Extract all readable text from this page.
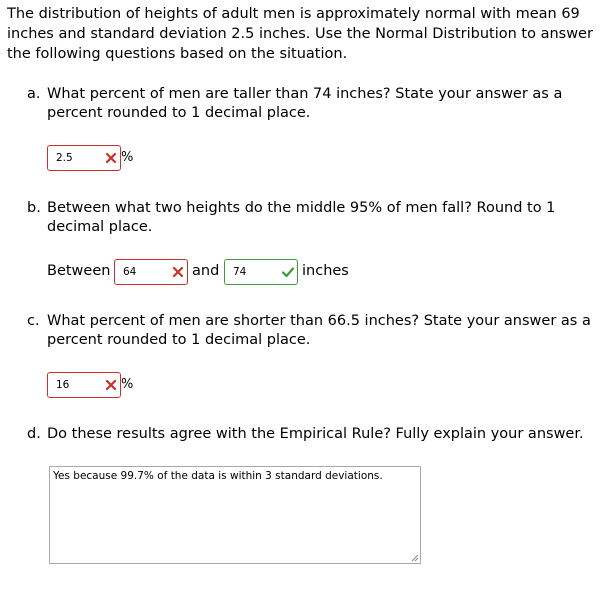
The distribution of heights of adult men is approximately normal with mean 69 inches and standard deviation 2.5 inches. Use the Normal Distribution to answer the following questions based on the situation.
a. What percent of men are taller than 74 inches? State your answer as a percent rounded to 1 decimal place.
2.5	%
b. Between what two heights do the middle 95% of men fall? Round to 1 decimal place.
Between 64	and 74	inches
c. What percent of men are shorter than 66.5 inches? State your answer as a percent rounded to 1 decimal place.
16	%
d. Do these results agree with the Empirical Rule? Fully explain your answer.
Yes because 99.7% of the data is within 3 standard deviations.
